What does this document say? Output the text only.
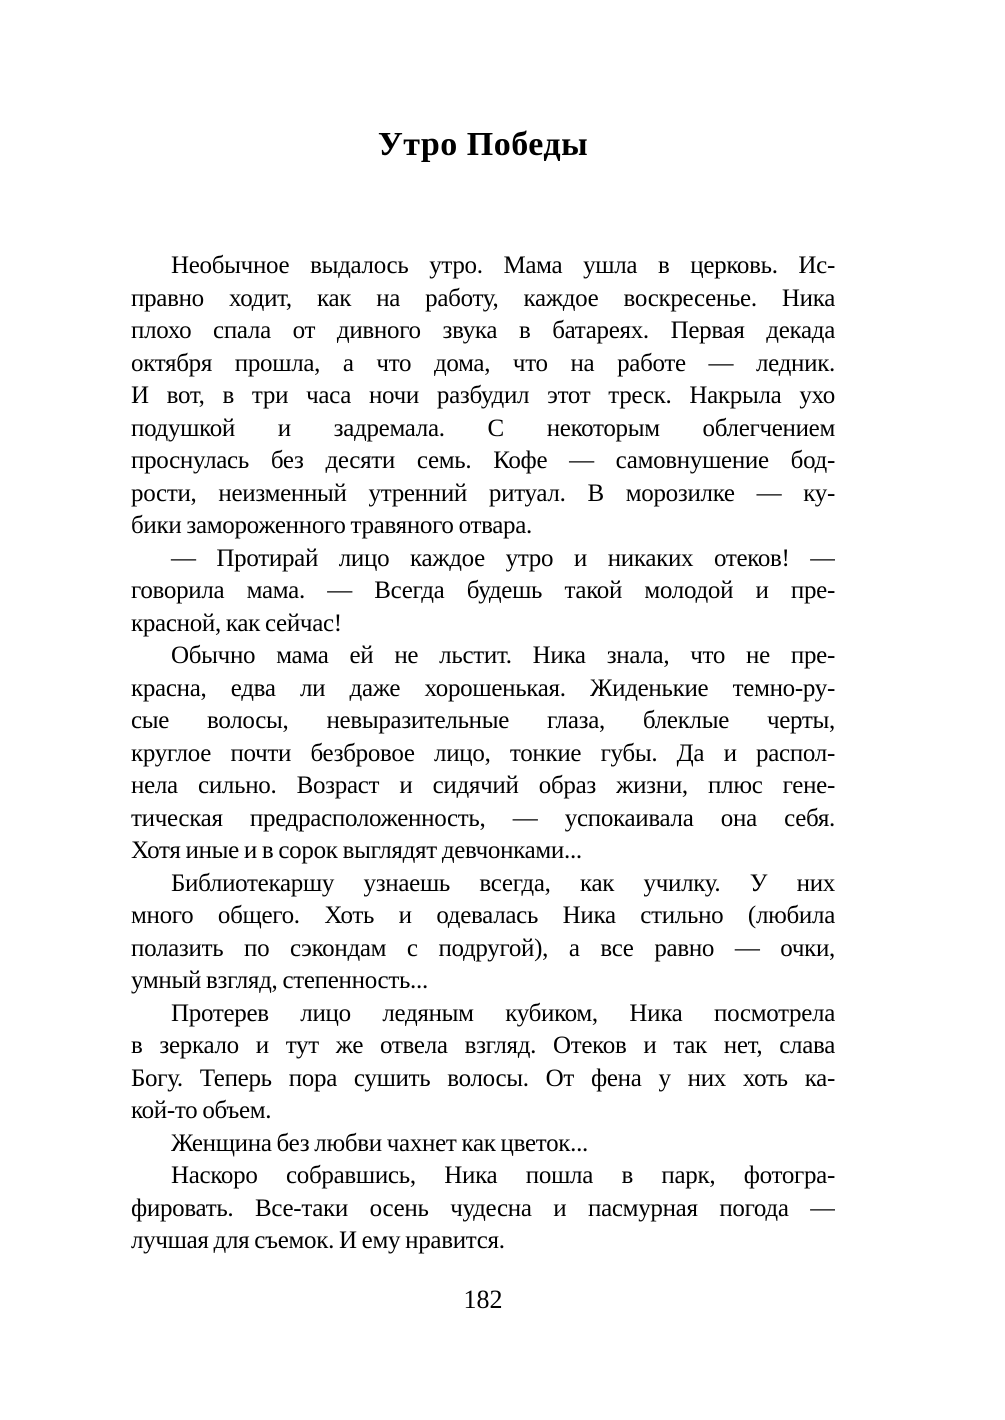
Утро Победы
Необычное выдалось утро. Мама ушла в церковь. Ис-
правно ходит, как на работу, каждое воскресенье. Ника
плохо спала от дивного звука в батареях. Первая декада
октября прошла, а что дома, что на работе — ледник.
И вот, в три часа ночи разбудил этот треск. Накрыла ухо
подушкой и задремала. С некоторым облегчением
проснулась без десяти семь. Кофе — самовнушение бод-
рости, неизменный утренний ритуал. В морозилке — ку-
бики замороженного травяного отвара.
— Протирай лицо каждое утро и никаких отеков! —
говорила мама. — Всегда будешь такой молодой и пре-
красной, как сейчас!
Обычно мама ей не льстит. Ника знала, что не пре-
красна, едва ли даже хорошенькая. Жиденькие темно-ру-
сые волосы, невыразительные глаза, блеклые черты,
круглое почти безбровое лицо, тонкие губы. Да и распол-
нела сильно. Возраст и сидячий образ жизни, плюс гене-
тическая предрасположенность, — успокаивала она себя.
Хотя иные и в сорок выглядят девчонками...
Библиотекаршу узнаешь всегда, как училку. У них
много общего. Хоть и одевалась Ника стильно (любила
полазить по сэкондам с подругой), а все равно — очки,
умный взгляд, степенность...
Протерев лицо ледяным кубиком, Ника посмотрела
в зеркало и тут же отвела взгляд. Отеков и так нет, слава
Богу. Теперь пора сушить волосы. От фена у них хоть ка-
кой-то объем.
Женщина без любви чахнет как цветок...
Наскоро собравшись, Ника пошла в парк, фотогра-
фировать. Все-таки осень чудесна и пасмурная погода —
лучшая для съемок. И ему нравится.
182
